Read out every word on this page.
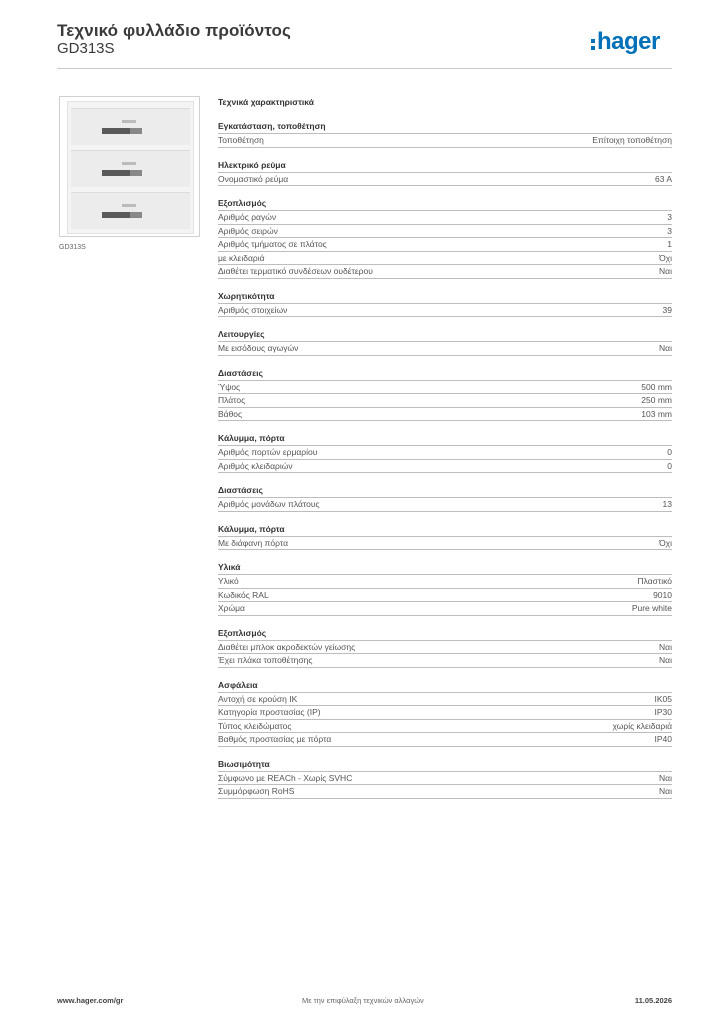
Τεχνικό φυλλάδιο προϊόντος
GD313S	hager
GD313S
Τεχνικά χαρακτηριστικά
Εγκατάσταση, τοποθέτηση
Τοποθέτηση	Επίτοιχη τοποθέτηση
Ηλεκτρικό ρεύμα
Ονομαστικό ρεύμα	63 A
Εξοπλισμός
Αριθμός ραγών	3
Αριθμός σειρών	3
Αριθμός τμήματος σε πλάτος	1
με κλειδαριά	Όχι
Διαθέτει τερματικό συνδέσεων ουδέτερου	Ναι
Χωρητικότητα
Αριθμός στοιχείων	39
Λειτουργίες
Με εισόδους αγωγών	Ναι
Διαστάσεις
Ύψος	500 mm
Πλάτος	250 mm
Βάθος	103 mm
Κάλυμμα, πόρτα
Αριθμός πορτών ερμαρίου	0
Αριθμός κλειδαριών	0
Διαστάσεις
Αριθμός μονάδων πλάτους	13
Κάλυμμα, πόρτα
Με διάφανη πόρτα	Όχι
Υλικά
Υλικό	Πλαστικό
Κωδικός RAL	9010
Χρώμα	Pure white
Εξοπλισμός
Διαθέτει μπλοκ ακροδεκτών γείωσης	Ναι
Έχει πλάκα τοποθέτησης	Ναι
Ασφάλεια
Αντοχή σε κρούση IK	IK05
Κατηγορία προστασίας (IP)	IP30
Τύπος κλειδώματος	χωρίς κλειδαριά
Βαθμός προστασίας με πόρτα	IP40
Βιωσιμότητα
Σύμφωνο με REACh - Χωρίς SVHC	Ναι
Συμμόρφωση RoHS	Ναι
www.hager.com/gr	Με την επιφύλαξη τεχνικών αλλαγών	11.05.2026
